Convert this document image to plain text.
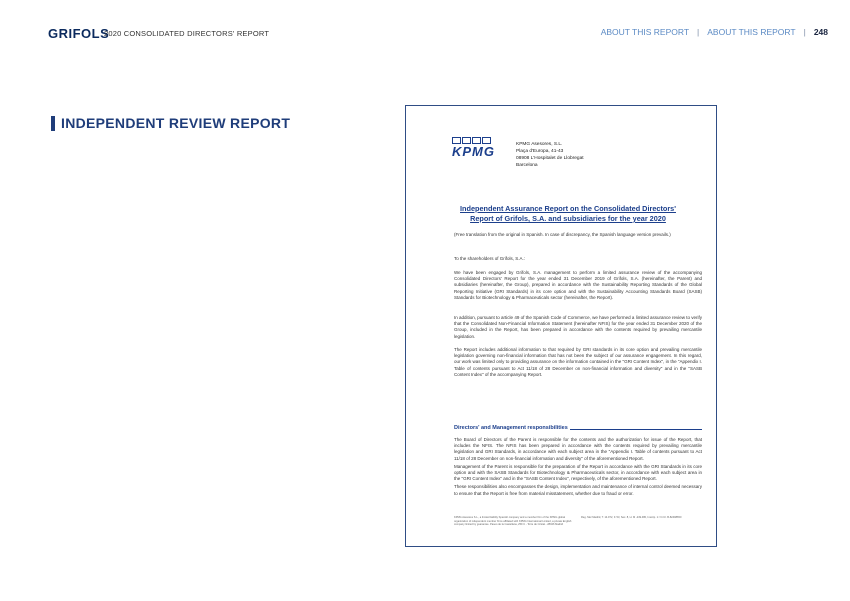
GRIFOLS
2020 CONSOLIDATED DIRECTORS' REPORT	ABOUT THIS REPORT | ABOUT THIS REPORT | 248
INDEPENDENT REVIEW REPORT
KPMG	KPMG Asesores, S.L.
Plaça d'Europa, 41-43
08908 L'Hospitalet de Llobregat
Barcelona
Independent Assurance Report on the Consolidated Directors' Report of Grifols, S.A. and subsidiaries for the year 2020
(Free translation from the original in Spanish. In case of discrepancy, the Spanish language version prevails.)
To the shareholders of Grifols, S.A.:
We have been engaged by Grifols, S.A. management to perform a limited assurance review of the accompanying Consolidated Directors' Report for the year ended 31 December 2019 of Grifols, S.A. (hereinafter, the Parent) and subsidiaries (hereinafter, the Group), prepared in accordance with the Sustainability Reporting Standards of the Global Reporting Initiative (GRI Standards) in its core option and with the Sustainability Accounting Standards Board (SASB) Standards for Biotechnology & Pharmaceuticals sector (hereinafter, the Report).
In addition, pursuant to article 49 of the Spanish Code of Commerce, we have performed a limited assurance review to verify that the Consolidated Non-Financial Information Statement (hereinafter NFIS) for the year ended 31 December 2020 of the Group, included in the Report, has been prepared in accordance with the contents required by prevailing mercantile legislation.
The Report includes additional information to that required by GRI standards in its core option and prevailing mercantile legislation governing non-financial information that has not been the subject of our assurance engagement. In this regard, our work was limited only to providing assurance on the information contained in the "GRI Content Index", in the "Appendix I. Table of contents pursuant to Act 11/18 of 28 December on non-financial information and diversity" and in the "SASB Content Index" of the accompanying Report.
Directors' and Management responsibilities
The Board of Directors of the Parent is responsible for the contents and the authorization for issue of the Report, that includes the NFIS. The NFIS has been prepared in accordance with the contents required by prevailing mercantile legislation and GRI Standards, in accordance with each subject area in the "Appendix I. Table of contents pursuant to Act 11/18 of 28 December on non-financial information and diversity" of the aforementioned Report.
Management of the Parent is responsible for the preparation of the Report in accordance with the GRI Standards in its core option and with the SASB Standards for Biotechnology & Pharmaceuticals sector, in accordance with each subject area in the "GRI Content Index" and in the "SASB Content Index", respectively, of the aforementioned Report.
These responsibilities also encompasses the design, implementation and maintenance of internal control deemed necessary to ensure that the Report is free from material misstatement, whether due to fraud or error.
KPMG Asesores S.L., a limited liability Spanish company and a member firm of the KPMG global organization of independent member firms affiliated with KPMG International Limited, a private English company limited by guarantee. Paseo de la Castellana, 259 C - Torre de Cristal - 28046 Madrid
Reg. Mer Madrid, T. 14.972, F. 53, Sec. 8, H. M -249.480, Inscrip. 1.ª N.I.F. B-82498650
